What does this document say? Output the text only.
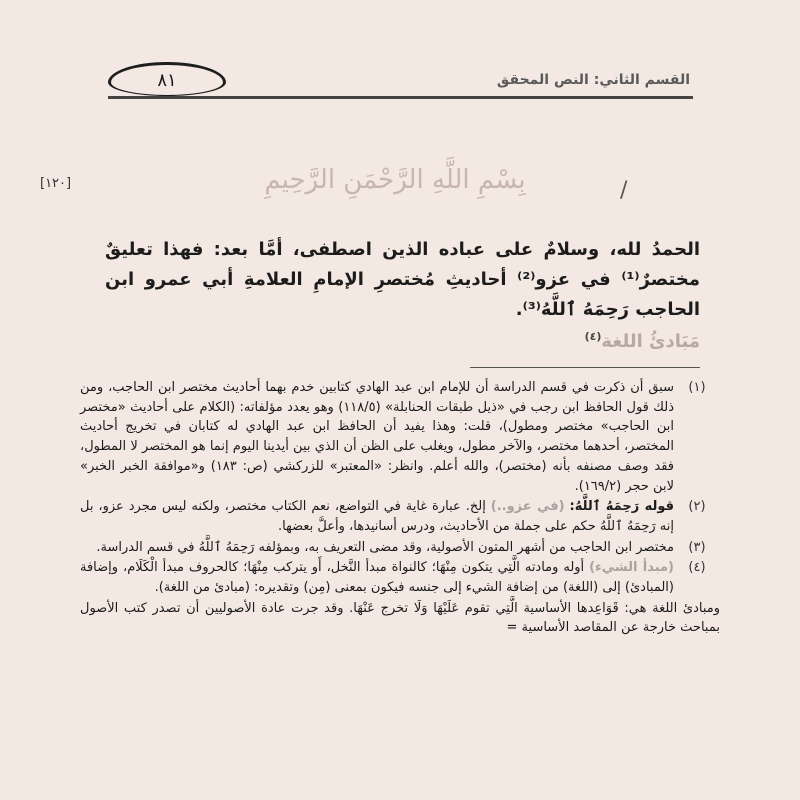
٨١	القسم الثاني: النص المحقق
[١٢٠]	/
بِسْمِ اللَّهِ الرَّحْمَنِ الرَّحِيمِ
الحمدُ لله، وسلامٌ على عباده الذين اصطفى، أمَّا بعد: فهذا تعليقٌ مختصرٌ⁽¹⁾ في عزو⁽²⁾ أحاديثِ مُختصرِ الإمامِ العلامةِ أبي عمرو ابن الحاجب رَحِمَهُ ٱللَّهُ⁽³⁾.
مَبَادئُ اللغة$^{(٤)}$
(١)
سبق أن ذكرت في قسم الدراسة أن للإمام ابن عبد الهادي كتابين خدم بهما أحاديث مختصر ابن الحاجب، ومن ذلك قول الحافظ ابن رجب في «ذيل طبقات الحنابلة» (١١٨/٥) وهو يعدد مؤلفاته: (الكلام على أحاديث «مختصر ابن الحاجب» مختصر ومطول)، قلت: وهذا يفيد أن الحافظ ابن عبد الهادي له كتابان في تخريج أحاديث المختصر، أحدهما مختصر، والآخر مطول، ويغلب على الظن أن الذي بين أيدينا اليوم إنما هو المختصر لا المطول، فقد وصف مصنفه بأنه (مختصر)، والله أعلم. وانظر: «المعتبر» للزركشي (ص: ١٨٣) و«موافقة الخبر الخبر» لابن حجر (١٦٩/٢).
(٢)
قوله رَحِمَهُ ٱللَّهُ: (في عزو..) إلخ. عبارة غاية في التواضع، نعم الكتاب مختصر، ولكنه ليس مجرد عزو، بل إنه رَحِمَهُ ٱللَّهُ حكم على جملة من الأحاديث، ودرس أسانيدها، وأعلَّ بعضها.
(٣)
مختصر ابن الحاجب من أشهر المتون الأصولية، وقد مضى التعريف به، وبمؤلفه رَحِمَهُ ٱللَّهُ في قسم الدراسة.
(٤)
(مبدأ الشيء) أوله ومادته الَّتِي يتكون مِنْهَا؛ كالنواة مبدأ النَّخل، أَو يتركب مِنْهَا؛ كالحروف مبدأ الْكَلَام، وإضافة (المبادئ) إلى (اللغة) من إضافة الشيء إلى جنسه فيكون بمعنى (مِن) وتقديره: (مبادئ من اللغة).
ومبادئ اللغة هي: قَوَاعِدها الأساسية الَّتِي تقوم عَلَيْهَا وَلَا تخرج عَنْهَا. وقد جرت عادة الأصوليين أن تصدر كتب الأصول بمباحث خارجة عن المقاصد الأساسية =
